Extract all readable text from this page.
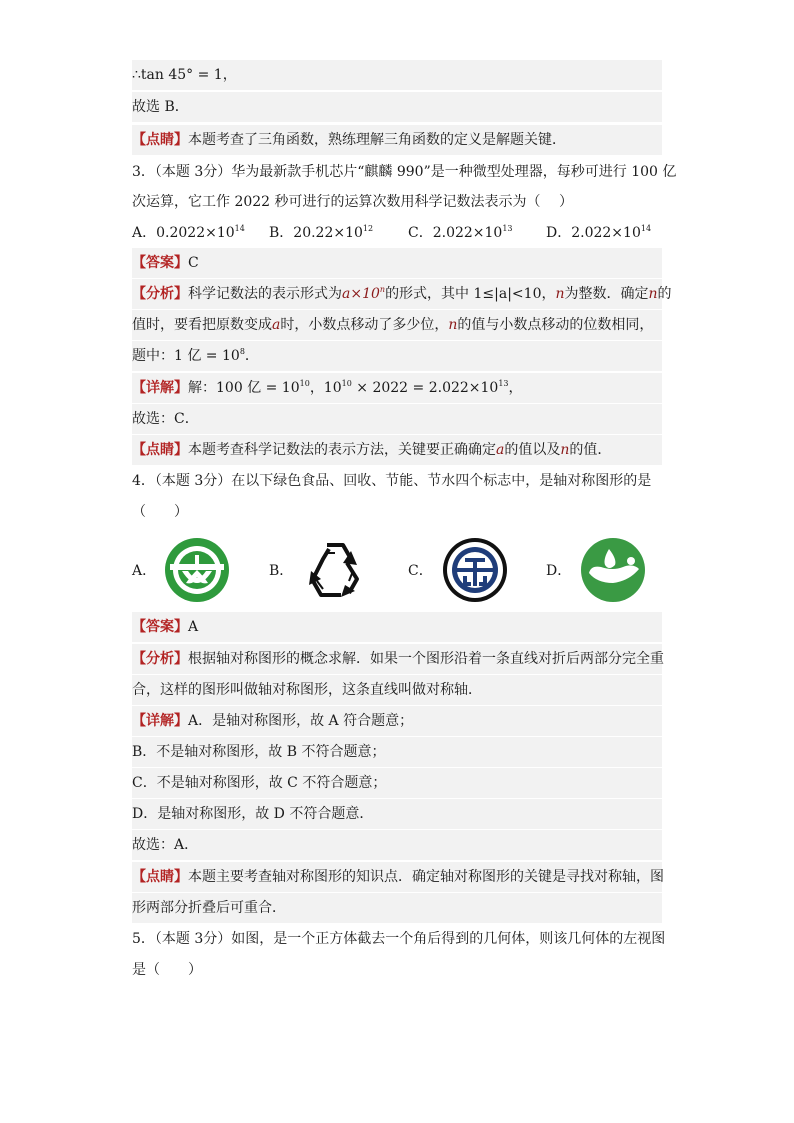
∴tan 45° = 1，
故选 B．
【点睛】本题考查了三角函数，熟练理解三角函数的定义是解题关键．
3．（本题 3分）华为最新款手机芯片“麒麟 990”是一种微型处理器，每秒可进行 100 亿
次运算，它工作 2022 秒可进行的运算次数用科学记数法表示为（　 ）
A．$0.2022\times 10^{14}$ B．$20.22\times 10^{12}$ C．$2.022\times 10^{13}$ D．$2.022\times 10^{14}$
【答案】C
【分析】科学记数法的表示形式为$a\times 10^n$的形式，其中 1≤|a|<10，n为整数．确定n的
值时，要看把原数变成a时，小数点移动了多少位，n的值与小数点移动的位数相同，
题中：1 亿 = $10^8$．
【详解】解：100 亿 = $10^{10}$，$10^{10} \times 2022 = 2.022\times 10^{13}$，
故选：C．
【点睛】本题考查科学记数法的表示方法，关键要正确确定a的值以及n的值．
4．（本题 3分）在以下绿色食品、回收、节能、节水四个标志中，是轴对称图形的是
（　　）
A．	B．	C．	D．
【答案】A
【分析】根据轴对称图形的概念求解．如果一个图形沿着一条直线对折后两部分完全重
合，这样的图形叫做轴对称图形，这条直线叫做对称轴．
【详解】A．是轴对称图形，故 A 符合题意；
B．不是轴对称图形，故 B 不符合题意；
C．不是轴对称图形，故 C 不符合题意；
D．是轴对称图形，故 D 不符合题意．
故选：A．
【点睛】本题主要考查轴对称图形的知识点．确定轴对称图形的关键是寻找对称轴，图
形两部分折叠后可重合．
5．（本题 3分）如图，是一个正方体截去一个角后得到的几何体，则该几何体的左视图
是（　　）
